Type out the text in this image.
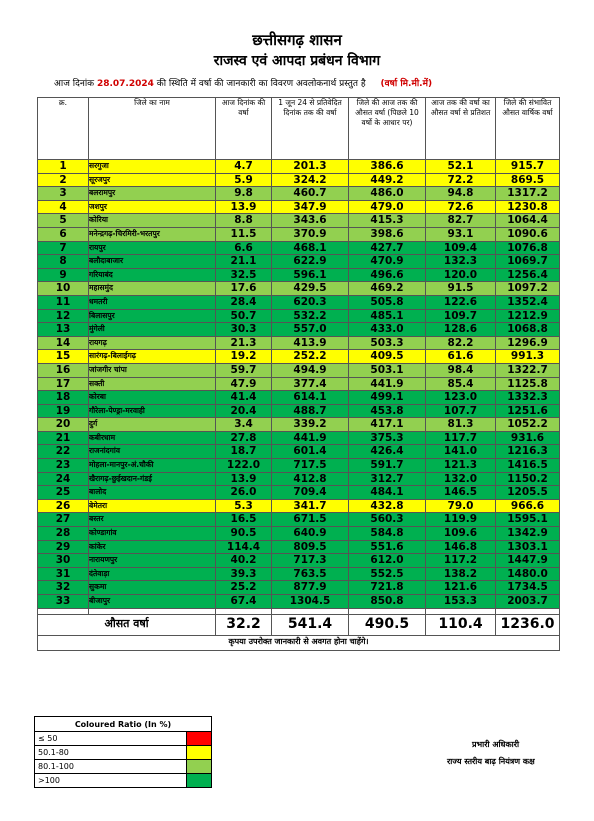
छत्तीसगढ़ शासन
राजस्व एवं आपदा प्रबंधन विभाग
आज दिनांक 28.07.2024 की स्थिति में वर्षा की जानकारी का विवरण अवलोकनार्थ प्रस्तुत है (वर्षा मि.मी.में)
क्र.	जिले का नाम	आज दिनांक की वर्षा	1 जून 24 से प्रतिवेदित दिनांक तक की वर्षा	जिले की आज तक की औसत वर्षा (पिछले 10 वर्षो के आधार पर)	आज तक की वर्षा का औसत वर्षा से प्रतिशत	जिले की संभावित औसत वार्षिक वर्षा
1	सरगुजा	4.7	201.3	386.6	52.1	915.7
2	सूरजपुर	5.9	324.2	449.2	72.2	869.5
3	बलरामपुर	9.8	460.7	486.0	94.8	1317.2
4	जशपुर	13.9	347.9	479.0	72.6	1230.8
5	कोरिया	8.8	343.6	415.3	82.7	1064.4
6	मनेन्द्रगढ़-चिरमिरी-भरतपुर	11.5	370.9	398.6	93.1	1090.6
7	रायपुर	6.6	468.1	427.7	109.4	1076.8
8	बलौदाबाजार	21.1	622.9	470.9	132.3	1069.7
9	गरियाबंद	32.5	596.1	496.6	120.0	1256.4
10	महासमुंद	17.6	429.5	469.2	91.5	1097.2
11	धमतरी	28.4	620.3	505.8	122.6	1352.4
12	बिलासपुर	50.7	532.2	485.1	109.7	1212.9
13	मुंगेली	30.3	557.0	433.0	128.6	1068.8
14	रायगढ़	21.3	413.9	503.3	82.2	1296.9
15	सारंगढ़-बिलाईगढ़	19.2	252.2	409.5	61.6	991.3
16	जांजगीर चांपा	59.7	494.9	503.1	98.4	1322.7
17	सक्ती	47.9	377.4	441.9	85.4	1125.8
18	कोरबा	41.4	614.1	499.1	123.0	1332.3
19	गौरेला-पेण्ड्रा-मरवाही	20.4	488.7	453.8	107.7	1251.6
20	दुर्ग	3.4	339.2	417.1	81.3	1052.2
21	कबीरधाम	27.8	441.9	375.3	117.7	931.6
22	राजनांदगांव	18.7	601.4	426.4	141.0	1216.3
23	मोहला-मानपुर-अं.चौकी	122.0	717.5	591.7	121.3	1416.5
24	खैरागढ़-छुईखदान-गंडई	13.9	412.8	312.7	132.0	1150.2
25	बालोद	26.0	709.4	484.1	146.5	1205.5
26	बेमेतरा	5.3	341.7	432.8	79.0	966.6
27	बस्तर	16.5	671.5	560.3	119.9	1595.1
28	कोण्डागांव	90.5	640.9	584.8	109.6	1342.9
29	कांकेर	114.4	809.5	551.6	146.8	1303.1
30	नारायणपुर	40.2	717.3	612.0	117.2	1447.9
31	दंतेवाड़ा	39.3	763.5	552.5	138.2	1480.0
32	सुकमा	25.2	877.9	721.8	121.6	1734.5
33	बीजापुर	67.4	1304.5	850.8	153.3	2003.7

औसत वर्षा		32.2	541.4	490.5	110.4	1236.0
कृपया उपरोक्त जानकारी से अवगत होना चाहेंगे।						
Coloured Ratio (In %)	
≤ 50	
50.1-80	
80.1-100	
>100	
प्रभारी अधिकारी
राज्य स्तरीय बाढ़ नियंत्रण कक्ष
